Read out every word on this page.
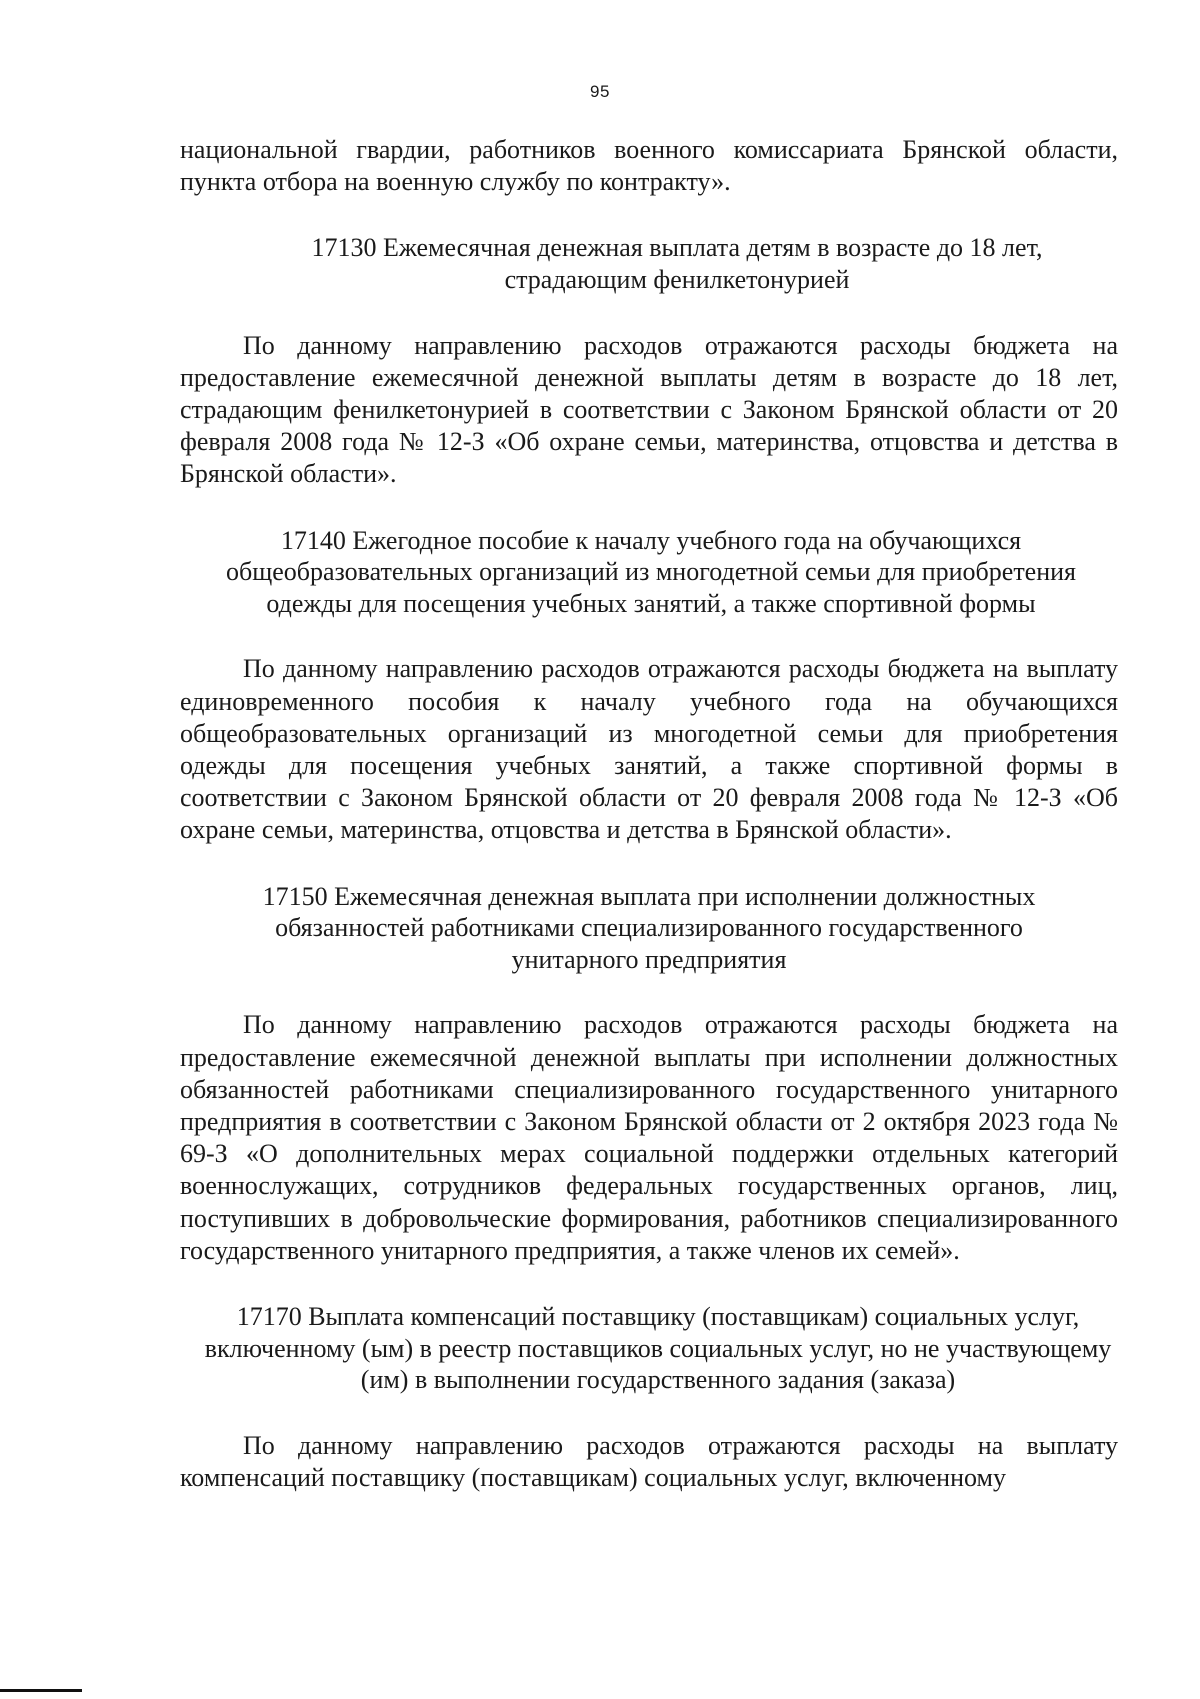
95

национальной гвардии, работников военного комиссариата Брянской области, пункта отбора на военную службу по контракту».

17130 Ежемесячная денежная выплата детям в возрасте до 18 лет, страдающим фенилкетонурией

По данному направлению расходов отражаются расходы бюджета на предоставление ежемесячной денежной выплаты детям в возрасте до 18 лет, страдающим фенилкетонурией в соответствии с Законом Брянской области от 20 февраля 2008 года № 12-З «Об охране семьи, материнства, отцовства и детства в Брянской области».

17140 Ежегодное пособие к началу учебного года на обучающихся общеобразовательных организаций из многодетной семьи для приобретения одежды для посещения учебных занятий, а также спортивной формы

По данному направлению расходов отражаются расходы бюджета на выплату единовременного пособия к началу учебного года на обучающихся общеобразовательных организаций из многодетной семьи для приобретения одежды для посещения учебных занятий, а также спортивной формы в соответствии с Законом Брянской области от 20 февраля 2008 года № 12-З «Об охране семьи, материнства, отцовства и детства в Брянской области».

17150 Ежемесячная денежная выплата при исполнении должностных обязанностей работниками специализированного государственного унитарного предприятия

По данному направлению расходов отражаются расходы бюджета на предоставление ежемесячной денежной выплаты при исполнении должностных обязанностей работниками специализированного государственного унитарного предприятия в соответствии с Законом Брянской области от 2 октября 2023 года № 69-З «О дополнительных мерах социальной поддержки отдельных категорий военнослужащих, сотрудников федеральных государственных органов, лиц, поступивших в добровольческие формирования, работников специализированного государственного унитарного предприятия, а также членов их семей».

17170 Выплата компенсаций поставщику (поставщикам) социальных услуг, включенному (ым) в реестр поставщиков социальных услуг, но не участвующему (им) в выполнении государственного задания (заказа)

По данному направлению расходов отражаются расходы на выплату компенсаций поставщику (поставщикам) социальных услуг, включенному
